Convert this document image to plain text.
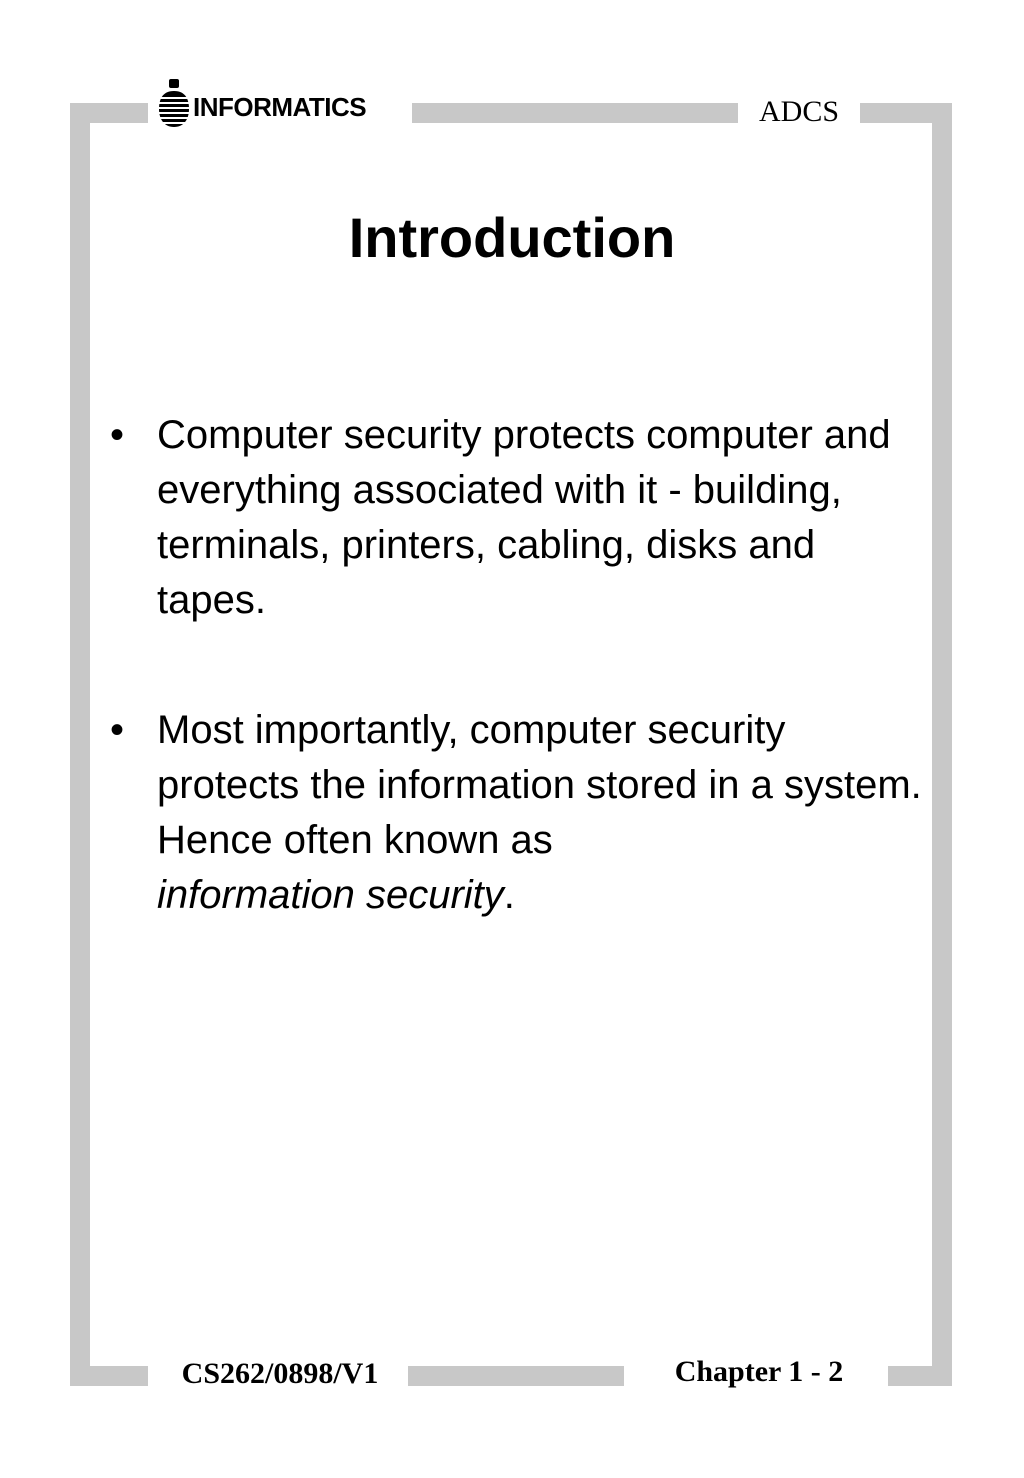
INFORMATICS	ADCS
Introduction
• Computer security protects computer and everything associated with it - building, terminals, printers, cabling, disks and tapes.
• Most importantly, computer security protects the information stored in a system. Hence often known as
information security.
CS262/0898/V1	Chapter 1 - 2
